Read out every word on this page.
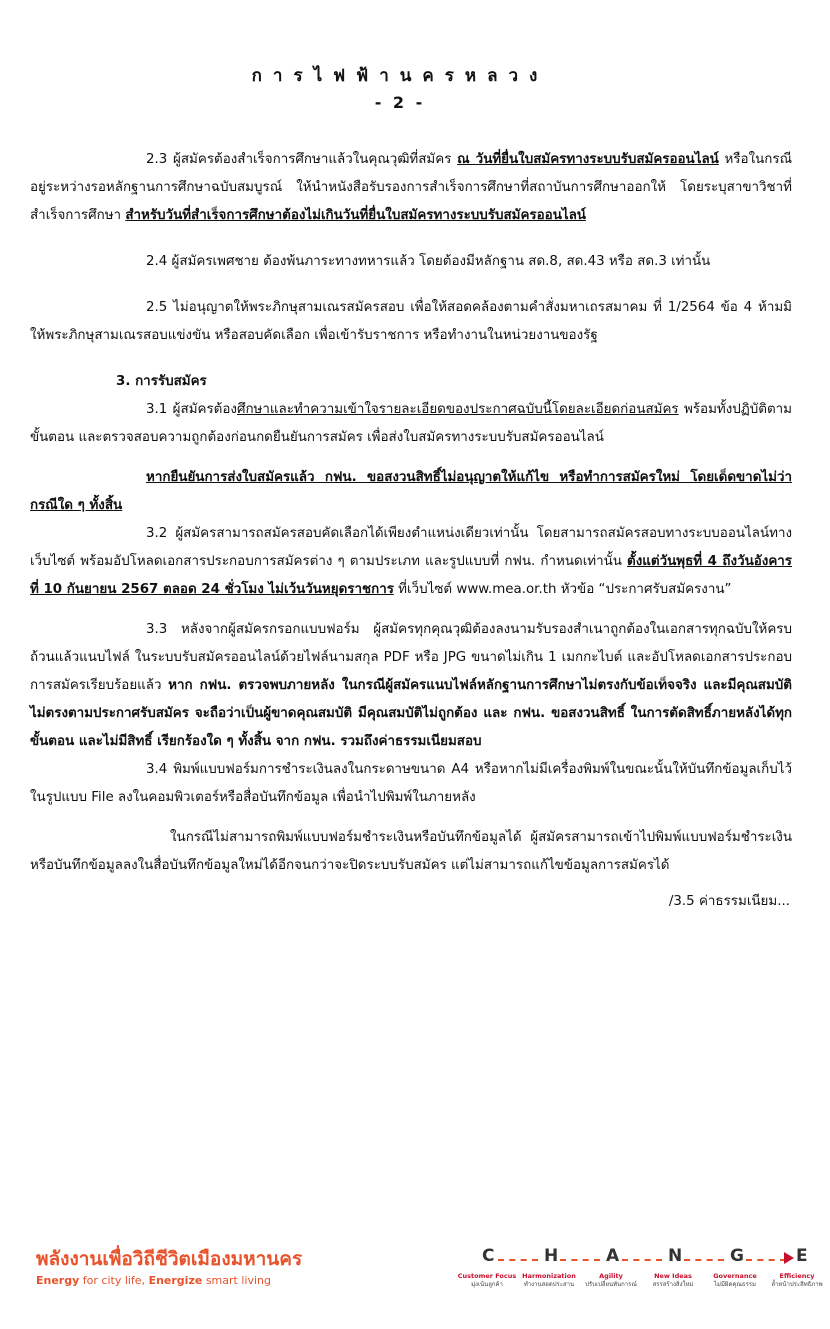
การไฟฟ้านครหลวง
- 2 -

2.3 ผู้สมัครต้องสำเร็จการศึกษาแล้วในคุณวุฒิที่สมัคร ณ วันที่ยื่นใบสมัครทางระบบรับสมัครออนไลน์ หรือในกรณีอยู่ระหว่างรอหลักฐานการศึกษาฉบับสมบูรณ์ ให้นำหนังสือรับรองการสำเร็จการศึกษาที่สถาบันการศึกษาออกให้ โดยระบุสาขาวิชาที่สำเร็จการศึกษา สำหรับวันที่สำเร็จการศึกษาต้องไม่เกินวันที่ยื่นใบสมัครทางระบบรับสมัครออนไลน์

2.4 ผู้สมัครเพศชาย ต้องพ้นภาระทางทหารแล้ว โดยต้องมีหลักฐาน สด.8, สด.43 หรือ สด.3 เท่านั้น

2.5 ไม่อนุญาตให้พระภิกษุสามเณรสมัครสอบ เพื่อให้สอดคล้องตามคำสั่งมหาเถรสมาคม ที่ 1/2564 ข้อ 4 ห้ามมิให้พระภิกษุสามเณรสอบแข่งขัน หรือสอบคัดเลือก เพื่อเข้ารับราชการ หรือทำงานในหน่วยงานของรัฐ

3. การรับสมัคร

3.1 ผู้สมัครต้องศึกษาและทำความเข้าใจรายละเอียดของประกาศฉบับนี้โดยละเอียดก่อนสมัคร พร้อมทั้งปฏิบัติตามขั้นตอน และตรวจสอบความถูกต้องก่อนกดยืนยันการสมัคร เพื่อส่งใบสมัครทางระบบรับสมัครออนไลน์

หากยืนยันการส่งใบสมัครแล้ว กฟน. ขอสงวนสิทธิ์ไม่อนุญาตให้แก้ไข หรือทำการสมัครใหม่ โดยเด็ดขาดไม่ว่ากรณีใด ๆ ทั้งสิ้น

3.2 ผู้สมัครสามารถสมัครสอบคัดเลือกได้เพียงตำแหน่งเดียวเท่านั้น โดยสามารถสมัครสอบทางระบบออนไลน์ทางเว็บไซต์ พร้อมอัปโหลดเอกสารประกอบการสมัครต่าง ๆ ตามประเภท และรูปแบบที่ กฟน. กำหนดเท่านั้น ตั้งแต่วันพุธที่ 4 ถึงวันอังคารที่ 10 กันยายน 2567 ตลอด 24 ชั่วโมง ไม่เว้นวันหยุดราชการ ที่เว็บไซต์ www.mea.or.th หัวข้อ “ประกาศรับสมัครงาน”

3.3 หลังจากผู้สมัครกรอกแบบฟอร์ม ผู้สมัครทุกคุณวุฒิต้องลงนามรับรองสำเนาถูกต้องในเอกสารทุกฉบับให้ครบถ้วนแล้วแนบไฟล์ ในระบบรับสมัครออนไลน์ด้วยไฟล์นามสกุล PDF หรือ JPG ขนาดไม่เกิน 1 เมกกะไบต์ และอัปโหลดเอกสารประกอบการสมัครเรียบร้อยแล้ว หาก กฟน. ตรวจพบภายหลัง ในกรณีผู้สมัครแนบไฟล์หลักฐานการศึกษาไม่ตรงกับข้อเท็จจริง และมีคุณสมบัติไม่ตรงตามประกาศรับสมัคร จะถือว่าเป็นผู้ขาดคุณสมบัติ มีคุณสมบัติไม่ถูกต้อง และ กฟน. ขอสงวนสิทธิ์ ในการตัดสิทธิ์ภายหลังได้ทุกขั้นตอน และไม่มีสิทธิ์ เรียกร้องใด ๆ ทั้งสิ้น จาก กฟน. รวมถึงค่าธรรมเนียมสอบ

3.4 พิมพ์แบบฟอร์มการชำระเงินลงในกระดาษขนาด A4 หรือหากไม่มีเครื่องพิมพ์ในขณะนั้นให้บันทึกข้อมูลเก็บไว้ในรูปแบบ File ลงในคอมพิวเตอร์หรือสื่อบันทึกข้อมูล เพื่อนำไปพิมพ์ในภายหลัง

ในกรณีไม่สามารถพิมพ์แบบฟอร์มชำระเงินหรือบันทึกข้อมูลได้ ผู้สมัครสามารถเข้าไปพิมพ์แบบฟอร์มชำระเงิน หรือบันทึกข้อมูลลงในสื่อบันทึกข้อมูลใหม่ได้อีกจนกว่าจะปิดระบบรับสมัคร แต่ไม่สามารถแก้ไขข้อมูลการสมัครได้

/3.5 ค่าธรรมเนียม...

พลังงานเพื่อวิถีชีวิตเมืองมหานคร
Energy for city life, Energize smart living
C	H	A	N	G	E
Customer Focus
มุ่งเน้นลูกค้า
Harmonization
ทำงานสอดประสาน
Agility
ปรับเปลี่ยนทันการณ์
New Ideas
สรรสร้างสิ่งใหม่
Governance
ไม่มีผิดคุณธรรม
Efficiency
ล้ำหน้าประสิทธิภาพ
